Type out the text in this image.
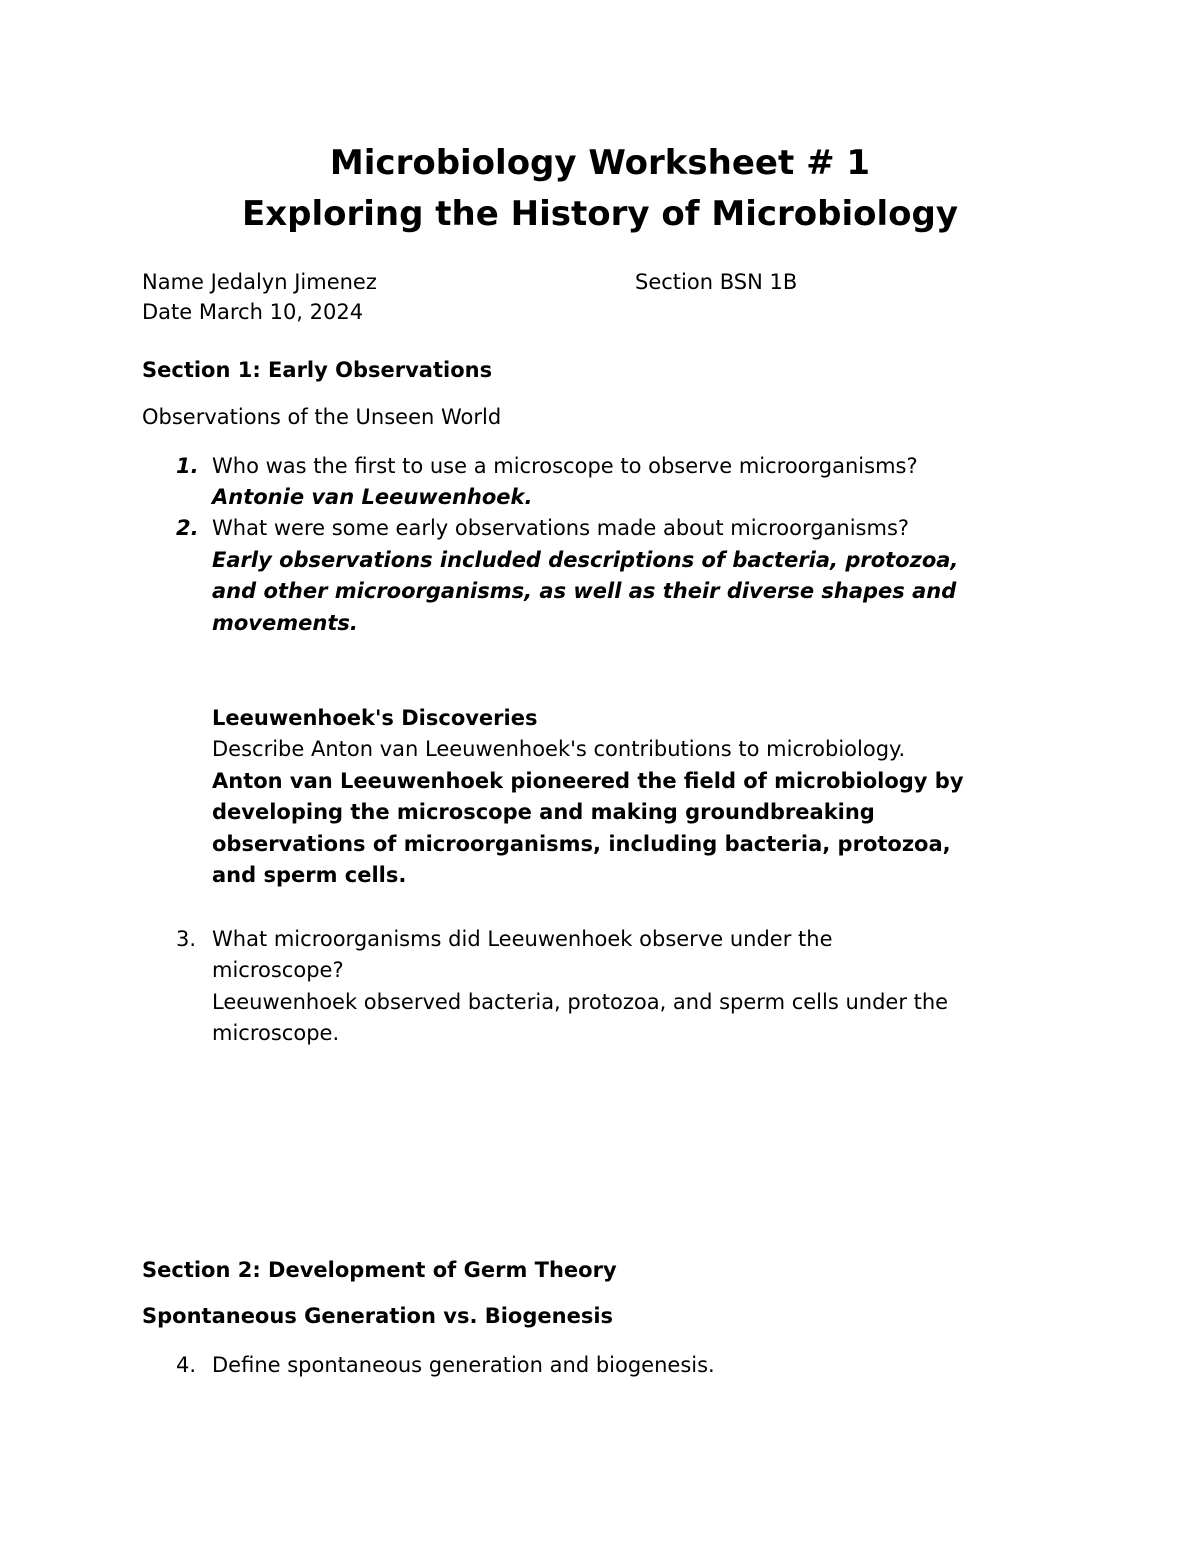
Microbiology Worksheet # 1
Exploring the History of Microbiology
Name Jedalyn Jimenez	Section BSN 1B
Date March 10, 2024
Section 1: Early Observations
Observations of the Unseen World
1. Who was the first to use a microscope to observe microorganisms?
Antonie van Leeuwenhoek.
2. What were some early observations made about microorganisms?
Early observations included descriptions of bacteria, protozoa,
and other microorganisms, as well as their diverse shapes and
movements.
Leeuwenhoek's Discoveries
Describe Anton van Leeuwenhoek's contributions to microbiology.
Anton van Leeuwenhoek pioneered the field of microbiology by
developing the microscope and making groundbreaking
observations of microorganisms, including bacteria, protozoa,
and sperm cells.
3. What microorganisms did Leeuwenhoek observe under the
microscope?
Leeuwenhoek observed bacteria, protozoa, and sperm cells under the
microscope.
Section 2: Development of Germ Theory
Spontaneous Generation vs. Biogenesis
4. Define spontaneous generation and biogenesis.
